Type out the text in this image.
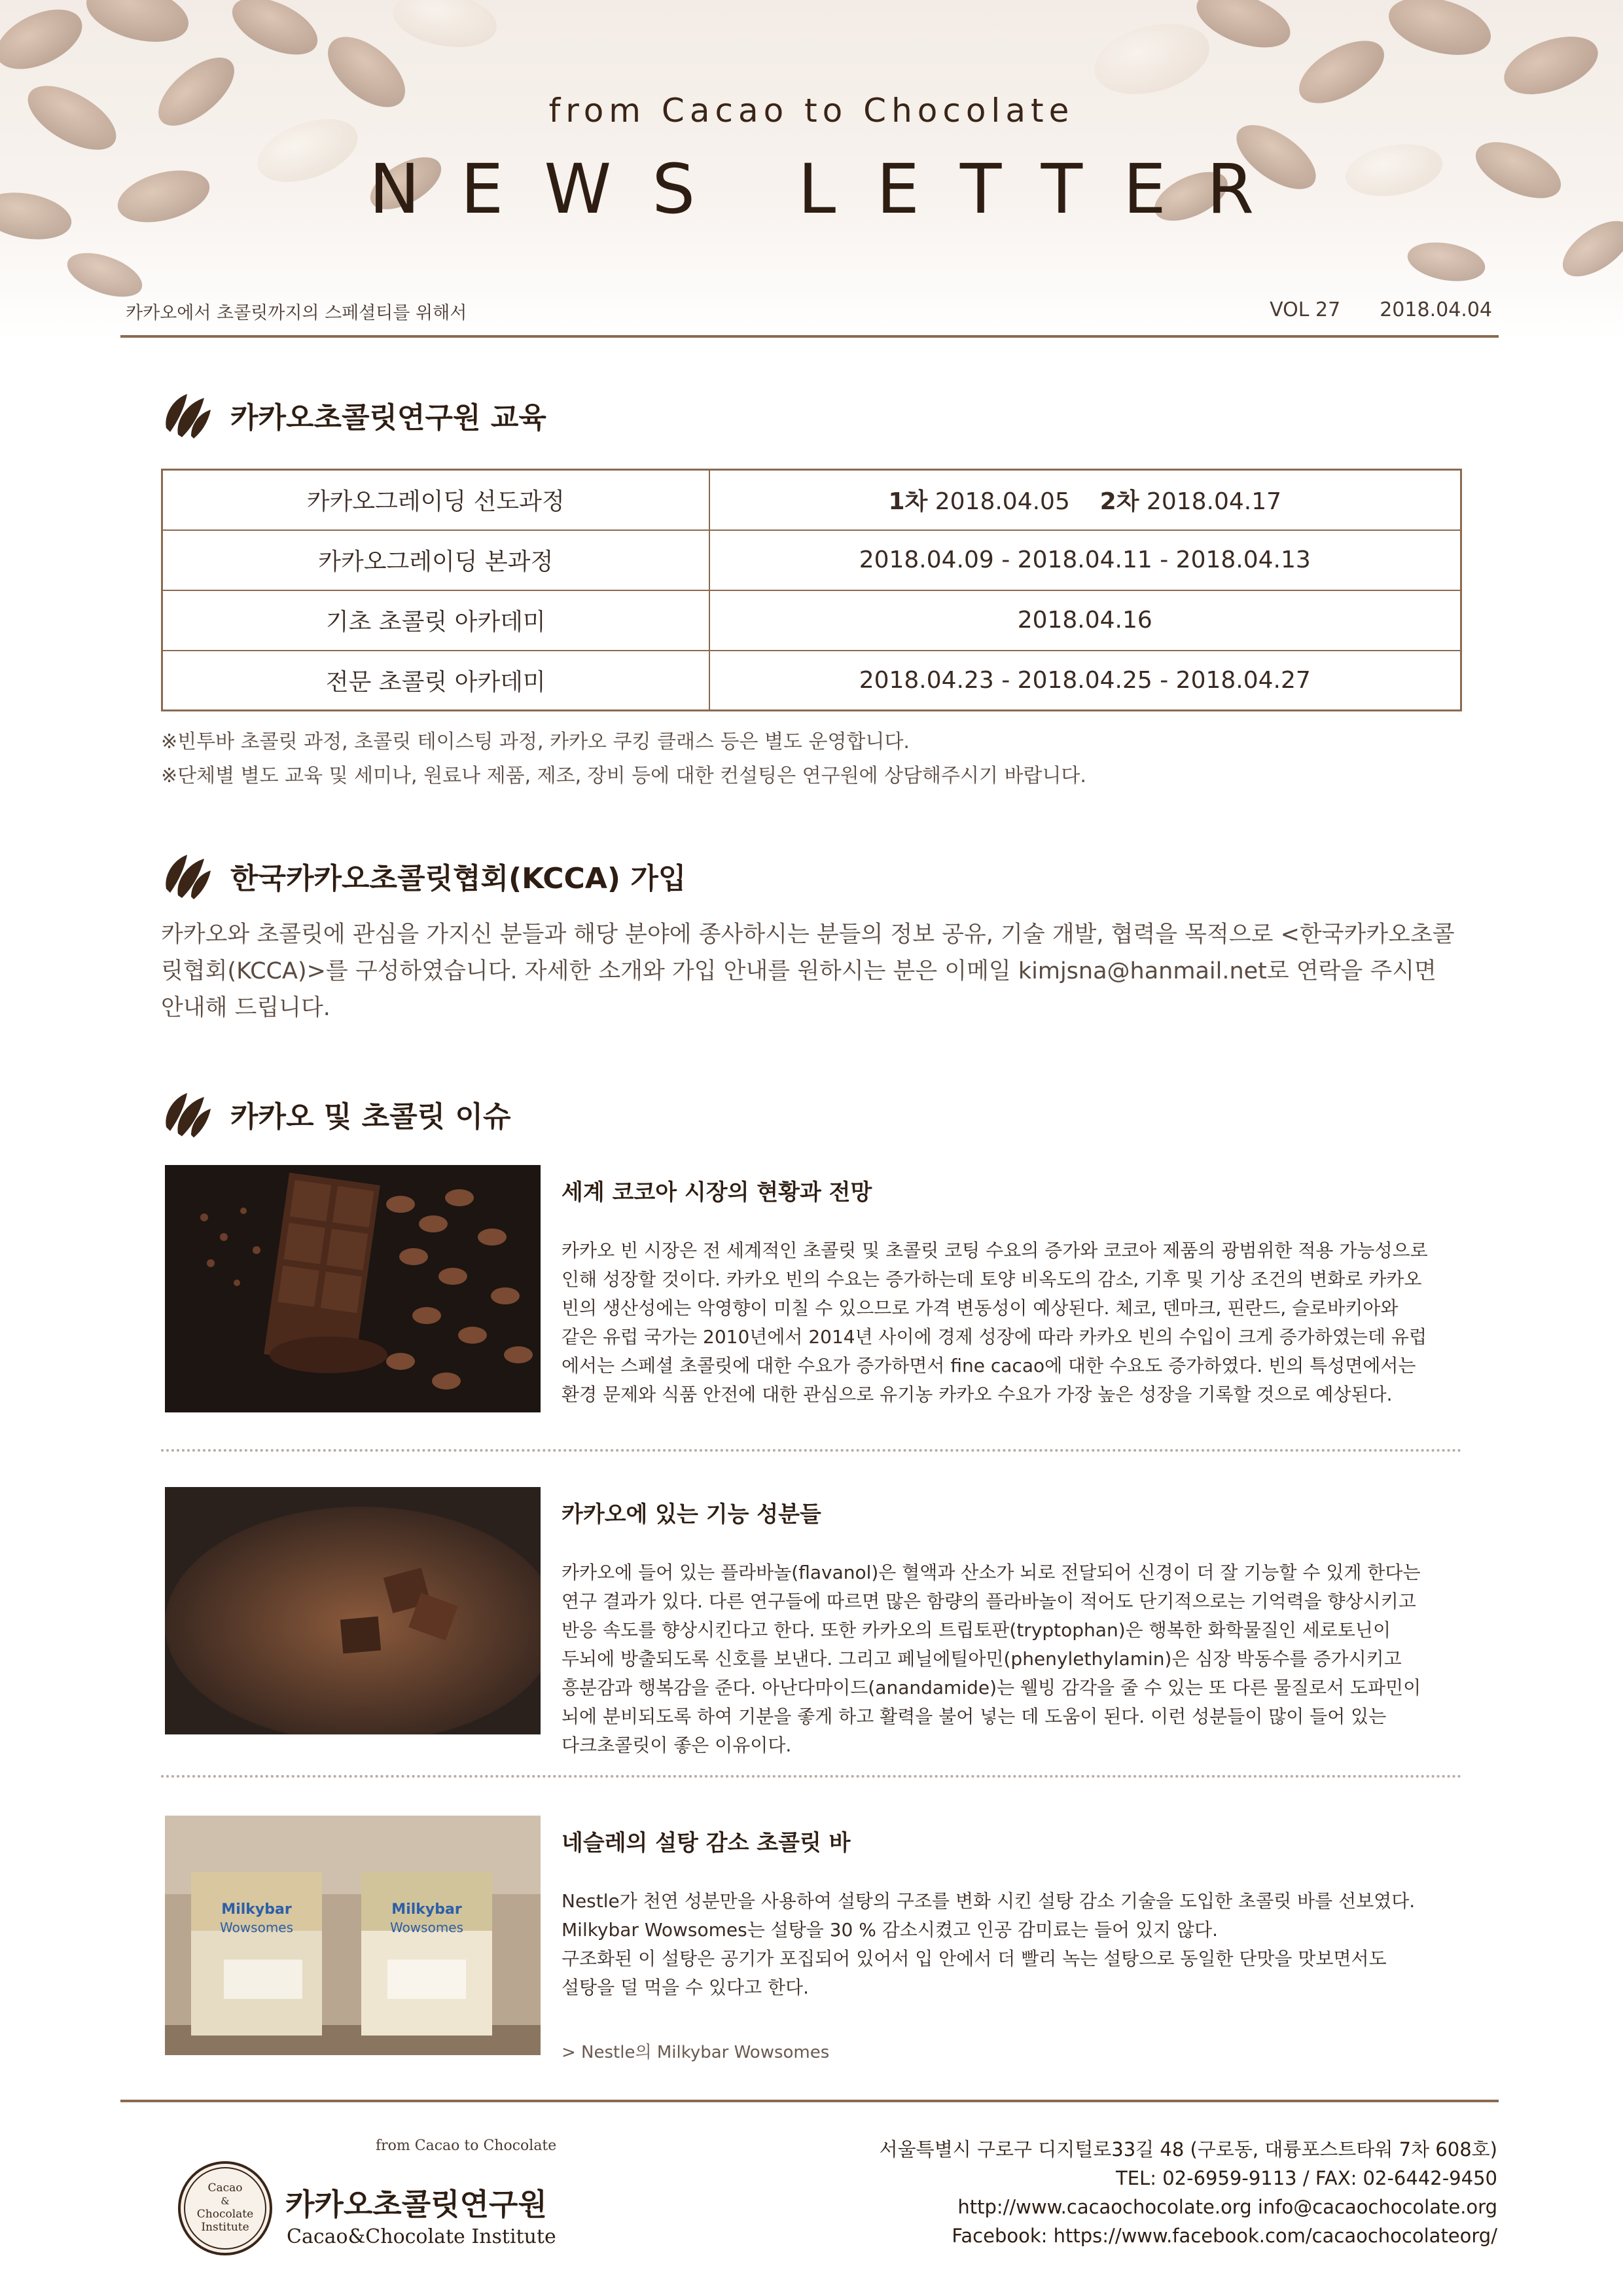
from Cacao to Chocolate
NEWS LETTER
카카오에서 초콜릿까지의 스페셜티를 위해서	VOL 27 2018.04.04
카카오초콜릿연구원 교육
카카오그레이딩 선도과정	1차 2018.04.05 2차 2018.04.17
카카오그레이딩 본과정	2018.04.09 - 2018.04.11 - 2018.04.13
기초 초콜릿 아카데미	2018.04.16
전문 초콜릿 아카데미	2018.04.23 - 2018.04.25 - 2018.04.27
※빈투바 초콜릿 과정, 초콜릿 테이스팅 과정, 카카오 쿠킹 클래스 등은 별도 운영합니다.
※단체별 별도 교육 및 세미나, 원료나 제품, 제조, 장비 등에 대한 컨설팅은 연구원에 상담해주시기 바랍니다.
한국카카오초콜릿협회(KCCA) 가입
카카오와 초콜릿에 관심을 가지신 분들과 해당 분야에 종사하시는 분들의 정보 공유, 기술 개발, 협력을 목적으로 <한국카카오초콜릿협회(KCCA)>를 구성하였습니다. 자세한 소개와 가입 안내를 원하시는 분은 이메일 kimjsna@hanmail.net로 연락을 주시면 안내해 드립니다.
카카오 및 초콜릿 이슈
세계 코코아 시장의 현황과 전망

카카오 빈 시장은 전 세계적인 초콜릿 및 초콜릿 코팅 수요의 증가와 코코아 제품의 광범위한 적용 가능성으로
인해 성장할 것이다. 카카오 빈의 수요는 증가하는데 토양 비옥도의 감소, 기후 및 기상 조건의 변화로 카카오
빈의 생산성에는 악영향이 미칠 수 있으므로 가격 변동성이 예상된다. 체코, 덴마크, 핀란드, 슬로바키아와
같은 유럽 국가는 2010년에서 2014년 사이에 경제 성장에 따라 카카오 빈의 수입이 크게 증가하였는데 유럽
에서는 스페셜 초콜릿에 대한 수요가 증가하면서 fine cacao에 대한 수요도 증가하였다. 빈의 특성면에서는
환경 문제와 식품 안전에 대한 관심으로 유기농 카카오 수요가 가장 높은 성장을 기록할 것으로 예상된다.

카카오에 있는 기능 성분들

카카오에 들어 있는 플라바놀(flavanol)은 혈액과 산소가 뇌로 전달되어 신경이 더 잘 기능할 수 있게 한다는
연구 결과가 있다. 다른 연구들에 따르면 많은 함량의 플라바놀이 적어도 단기적으로는 기억력을 향상시키고
반응 속도를 향상시킨다고 한다. 또한 카카오의 트립토판(tryptophan)은 행복한 화학물질인 세로토닌이
두뇌에 방출되도록 신호를 보낸다. 그리고 페닐에틸아민(phenylethylamin)은 심장 박동수를 증가시키고
흥분감과 행복감을 준다. 아난다마이드(anandamide)는 웰빙 감각을 줄 수 있는 또 다른 물질로서 도파민이
뇌에 분비되도록 하여 기분을 좋게 하고 활력을 불어 넣는 데 도움이 된다. 이런 성분들이 많이 들어 있는
다크초콜릿이 좋은 이유이다.

Milkybar
Wowsomes
Milkybar
Wowsomes
네슬레의 설탕 감소 초콜릿 바

Nestle가 천연 성분만을 사용하여 설탕의 구조를 변화 시킨 설탕 감소 기술을 도입한 초콜릿 바를 선보였다.
Milkybar Wowsomes는 설탕을 30 % 감소시켰고 인공 감미료는 들어 있지 않다.
구조화된 이 설탕은 공기가 포집되어 있어서 입 안에서 더 빨리 녹는 설탕으로 동일한 단맛을 맛보면서도
설탕을 덜 먹을 수 있다고 한다.

> Nestle의 Milkybar Wowsomes
Cacao
&
Chocolate
Institute
from Cacao to Chocolate
카카오초콜릿연구원
Cacao&Chocolate Institute
서울특별시 구로구 디지털로33길 48 (구로동, 대륭포스트타워 7차 608호)
TEL: 02-6959-9113 / FAX: 02-6442-9450
http://www.cacaochocolate.org info@cacaochocolate.org
Facebook: https://www.facebook.com/cacaochocolateorg/
